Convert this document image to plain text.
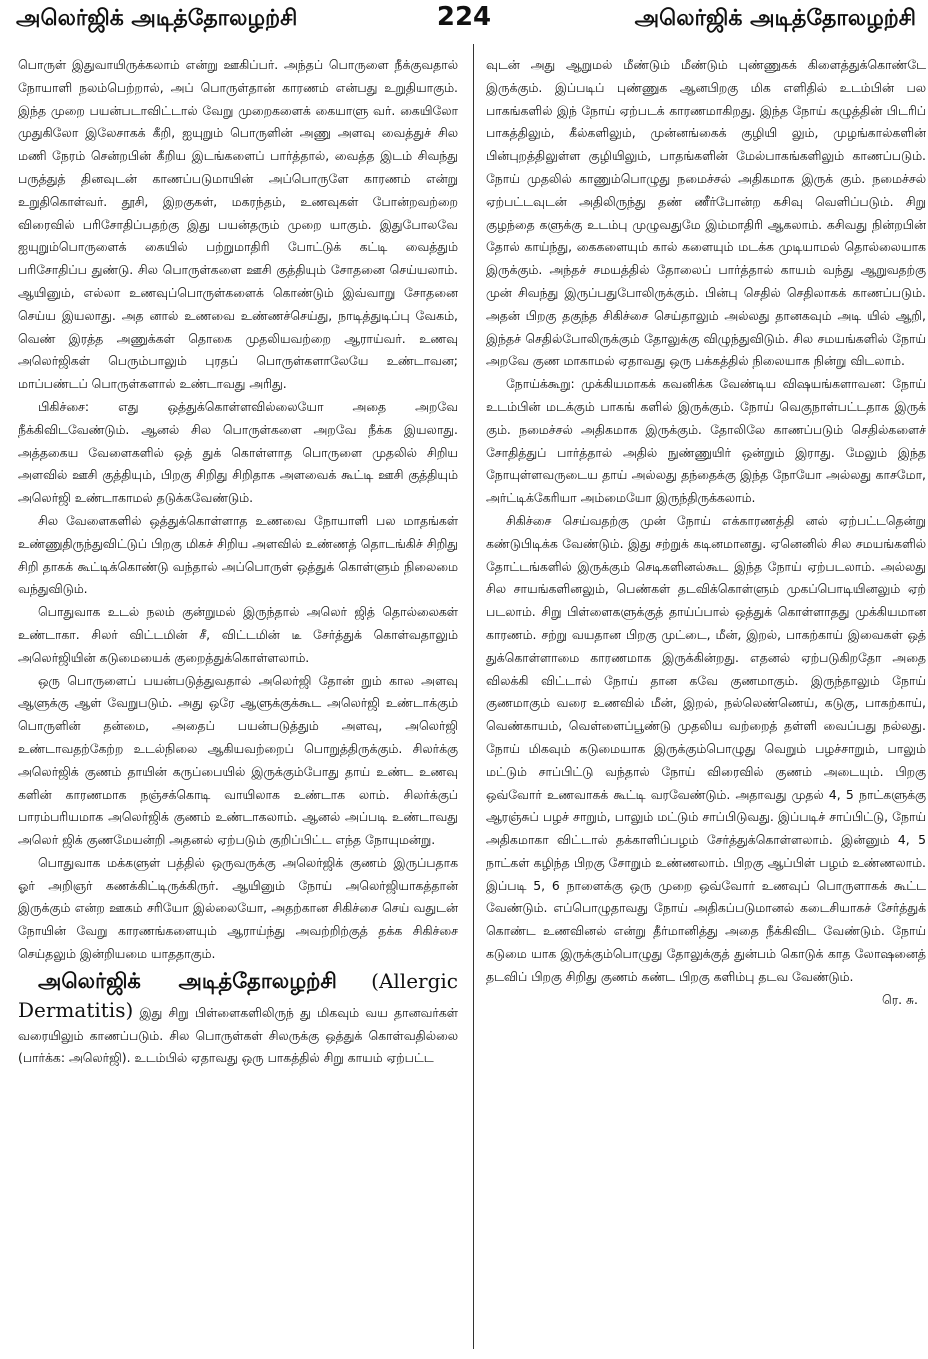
அலெர்ஜிக் அடித்தோலழற்சி	224	அலெர்ஜிக் அடித்தோலழற்சி

பொருள் இதுவாயிருக்கலாம் என்று ஊகிப்பர். அந்தப் பொருளை நீக்குவதால் நோயாளி நலம்பெற்றால், அப் பொருள்தான் காரணம் என்பது உறுதியாகும். இந்த முறை பயன்படாவிட்டால் வேறு முறைகளைக் கையாளு வர். கையிலோ முதுகிலோ இலேசாகக் கீறி, ஐயுறும் பொருளின் அணு அளவு வைத்துச் சில மணி நேரம் சென்றபின் கீறிய இடங்களைப் பார்த்தால், வைத்த இடம் சிவந்து பருத்துத் தினவுடன் காணப்படுமாயின் அப்பொருளே காரணம் என்று உறுதிகொள்வர். தூசி, இறகுகள், மகரந்தம், உணவுகள் போன்றவற்றை விரைவில் பரிசோதிப்பதற்கு இது பயன்தரும் முறை யாகும். இதுபோலவே ஐயுறும்பொருளைக் கையில் பற்றுமாதிரி போட்டுக் கட்டி வைத்தும் பரிசோதிப்ப துண்டு. சில பொருள்களை ஊசி குத்தியும் சோதனை செய்யலாம். ஆயினும், எல்லா உணவுப்பொருள்களைக் கொண்டும் இவ்வாறு சோதனை செய்ய இயலாது. அத னால் உணவை உண்ணச்செய்து, நாடித்துடிப்பு வேகம், வெண் இரத்த அணுக்கள் தொகை முதலியவற்றை ஆராய்வர். உணவு அலெர்ஜிகள் பெரும்பாலும் புரதப் பொருள்களாலேயே உண்டாவன; மாப்பண்டப் பொருள்களால் உண்டாவது அரிது.

பிகிச்சை: எது ஒத்துக்கொள்ளவில்லையோ அதை அறவே நீக்கிவிடவேண்டும். ஆனல் சில பொருள்களை அறவே நீக்க இயலாது. அத்தகைய வேளைகளில் ஒத் துக் கொள்ளாத பொருளை முதலில் சிறிய அளவில் ஊசி குத்தியும், பிறகு சிறிது சிறிதாக அளவைக் கூட்டி ஊசி குத்தியும் அலெர்ஜி உண்டாகாமல் தடுக்கவேண்டும்.

சில வேளைகளில் ஒத்துக்கொள்ளாத உணவை நோயாளி பல மாதங்கள் உண்ணுதிருந்துவிட்டுப் பிறகு மிகச் சிறிய அளவில் உண்ணத் தொடங்கிச் சிறிது சிறி தாகக் கூட்டிக்கொண்டு வந்தால் அப்பொருள் ஒத்துக் கொள்ளும் நிலைமை வந்துவிடும்.

பொதுவாக உடல் நலம் குன்றுமல் இருந்தால் அலெர் ஜித் தொல்லைகள் உண்டாகா. சிலர் விட்டமின் சீ, விட்டமின் டீ சேர்த்துக் கொள்வதாலும் அலெர்ஜியின் கடுமையைக் குறைத்துக்கொள்ளலாம்.

ஒரு பொருளைப் பயன்படுத்துவதால் அலெர்ஜி தோன் றும் கால அளவு ஆளுக்கு ஆள் வேறுபடும். அது ஒரே ஆளுக்குக்கூட அலெர்ஜி உண்டாக்கும் பொருளின் தன்மை, அதைப் பயன்படுத்தும் அளவு, அலெர்ஜி உண்டாவதற்கேற்ற உடல்நிலை ஆகியவற்றைப் பொறுத்திருக்கும். சிலர்க்கு அலெர்ஜிக் குணம் தாயின் கருப்பையில் இருக்கும்போது தாய் உண்ட உணவு களின் காரணமாக நஞ்சக்கொடி வாயிலாக உண்டாக லாம். சிலர்க்குப் பாரம்பரியமாக அலெர்ஜிக் குணம் உண்டாகலாம். ஆனல் அப்படி உண்டாவது அலெர் ஜிக் குணமேயன்றி அதனல் ஏற்படும் குறிப்பிட்ட எந்த நோயுமன்று.

பொதுவாக மக்களுள் பத்தில் ஒருவருக்கு அலெர்ஜிக் குணம் இருப்பதாக ஓர் அறிஞர் கணக்கிட்டிருக்கிருர். ஆயினும் நோய் அலெர்ஜியாகத்தான் இருக்கும் என்ற ஊகம் சரியோ இல்லையோ, அதற்கான சிகிச்சை செய் வதுடன் நோயின் வேறு காரணங்களையும் ஆராய்ந்து அவற்றிற்குத் தக்க சிகிச்சை செய்தலும் இன்றியமை யாததாகும்.

அலெர்ஜிக் அடித்தோலழற்சி (Allergic Dermatitis) இது சிறு பிள்ளைகளிலிருந் து மிகவும் வய தானவர்கள் வரையிலும் காணப்படும். சில பொருள்கள் சிலருக்கு ஒத்துக் கொள்வதில்லை (பார்க்க: அலெர்ஜி). உடம்பில் ஏதாவது ஒரு பாகத்தில் சிறு காயம் ஏற்பட்ட

வுடன் அது ஆறுமல் மீண்டும் மீண்டும் புண்ணுகக் கிளைத்துக்கொண்டே இருக்கும். இப்படிப் புண்ணுக ஆனபிறகு மிக எளிதில் உடம்பின் பல பாகங்களில் இந் நோய் ஏற்படக் காரணமாகிறது. இந்த நோய் கழுத்தின் பிடரிப் பாகத்திலும், கீல்களிலும், முன்னங்கைக் குழியி லும், முழங்கால்களின் பின்புறத்திலுள்ள குழியிலும், பாதங்களின் மேல்பாகங்களிலும் காணப்படும். நோய் முதலில் காணும்பொழுது நமைச்சல் அதிகமாக இருக் கும். நமைச்சல் ஏற்பட்டவுடன் அதிலிருந்து தண் ணீர்போன்ற கசிவு வெளிப்படும். சிறு குழந்தை களுக்கு உடம்பு முழுவதுமே இம்மாதிரி ஆகலாம். கசிவது நின்றபின் தோல் காய்ந்து, கைகளையும் கால் களையும் மடக்க முடியாமல் தொல்லையாக இருக்கும். அந்தச் சமயத்தில் தோலைப் பார்த்தால் காயம் வந்து ஆறுவதற்கு முன் சிவந்து இருப்பதுபோலிருக்கும். பின்பு செதில் செதிலாகக் காணப்படும். அதன் பிறகு தகுந்த சிகிச்சை செய்தாலும் அல்லது தானகவும் அடி யில் ஆறி, இந்தச் செதில்போலிருக்கும் தோலுக்கு விழுந்துவிடும். சில சமயங்களில் நோய் அறவே குண மாகாமல் ஏதாவது ஒரு பக்கத்தில் நிலையாக நின்று விடலாம்.

நோய்க்கூறு: முக்கியமாகக் கவனிக்க வேண்டிய விஷயங்களாவன: நோய் உடம்பின் மடக்கும் பாகங் களில் இருக்கும். நோய் வெகுநாள்பட்டதாக இருக் கும். நமைச்சல் அதிகமாக இருக்கும். தோலிலே காணப்படும் செதில்களைச் சோதித்துப் பார்த்தால் அதில் நுண்ணுயிர் ஒன்றும் இராது. மேலும் இந்த நோயுள்ளவருடைய தாய் அல்லது தந்தைக்கு இந்த நோயோ அல்லது காசமோ, அர்ட்டிக்கேரியா அம்மையோ இருந்திருக்கலாம்.

சிகிச்சை செய்வதற்கு முன் நோய் எக்காரணத்தி னல் ஏற்பட்டதென்று கண்டுபிடிக்க வேண்டும். இது சற்றுக் கடினமானது. ஏனெனில் சில சமயங்களில் தோட்டங்களில் இருக்கும் செடிகளினல்கூட இந்த நோய் ஏற்படலாம். அல்லது சில சாயங்களினலும், பெண்கள் தடவிக்கொள்ளும் முகப்பொடியினலும் ஏற் படலாம். சிறு பிள்ளைகளுக்குத் தாய்ப்பால் ஒத்துக் கொள்ளாதது முக்கியமான காரணம். சற்று வயதான பிறகு முட்டை, மீன், இறல், பாகற்காய் இவைகள் ஒத் துக்கொள்ளாமை காரணமாக இருக்கின்றது. எதனல் ஏற்படுகிறதோ அதை விலக்கி விட்டால் நோய் தான கவே குணமாகும். இருந்தாலும் நோய் குணமாகும் வரை உணவில் மீன், இறல், நல்லெண்ணெய், கடுகு, பாகற்காய், வெண்காயம், வெள்ளைப்பூண்டு முதலிய வற்றைத் தள்ளி வைப்பது நல்லது. நோய் மிகவும் கடுமையாக இருக்கும்பொழுது வெறும் பழச்சாறும், பாலும் மட்டும் சாப்பிட்டு வந்தால் நோய் விரைவில் குணம் அடையும். பிறகு ஒவ்வோர் உணவாகக் கூட்டி வரவேண்டும். அதாவது முதல் 4, 5 நாட்களுக்கு ஆரஞ்சுப் பழச் சாறும், பாலும் மட்டும் சாப்பிடுவது. இப்படிச் சாப்பிட்டு, நோய் அதிகமாகா விட்டால் தக்காளிப்பழம் சேர்த்துக்கொள்ளலாம். இன்னும் 4, 5 நாட்கள் கழிந்த பிறகு சோறும் உண்ணலாம். பிறகு ஆப்பிள் பழம் உண்ணலாம். இப்படி 5, 6 நாளைக்கு ஒரு முறை ஒவ்வோர் உணவுப் பொருளாகக் கூட்ட வேண்டும். எப்பொழுதாவது நோய் அதிகப்படுமானல் கடைசியாகச் சேர்த்துக் கொண்ட உணவினல் என்று தீர்மானித்து அதை நீக்கிவிட வேண்டும். நோய் கடுமை யாக இருக்கும்பொழுது தோலுக்குத் துன்பம் கொடுக் காத லோஷனைத் தடவிப் பிறகு சிறிது குணம் கண்ட பிறகு களிம்பு தடவ வேண்டும்.

ரெ. சு.
